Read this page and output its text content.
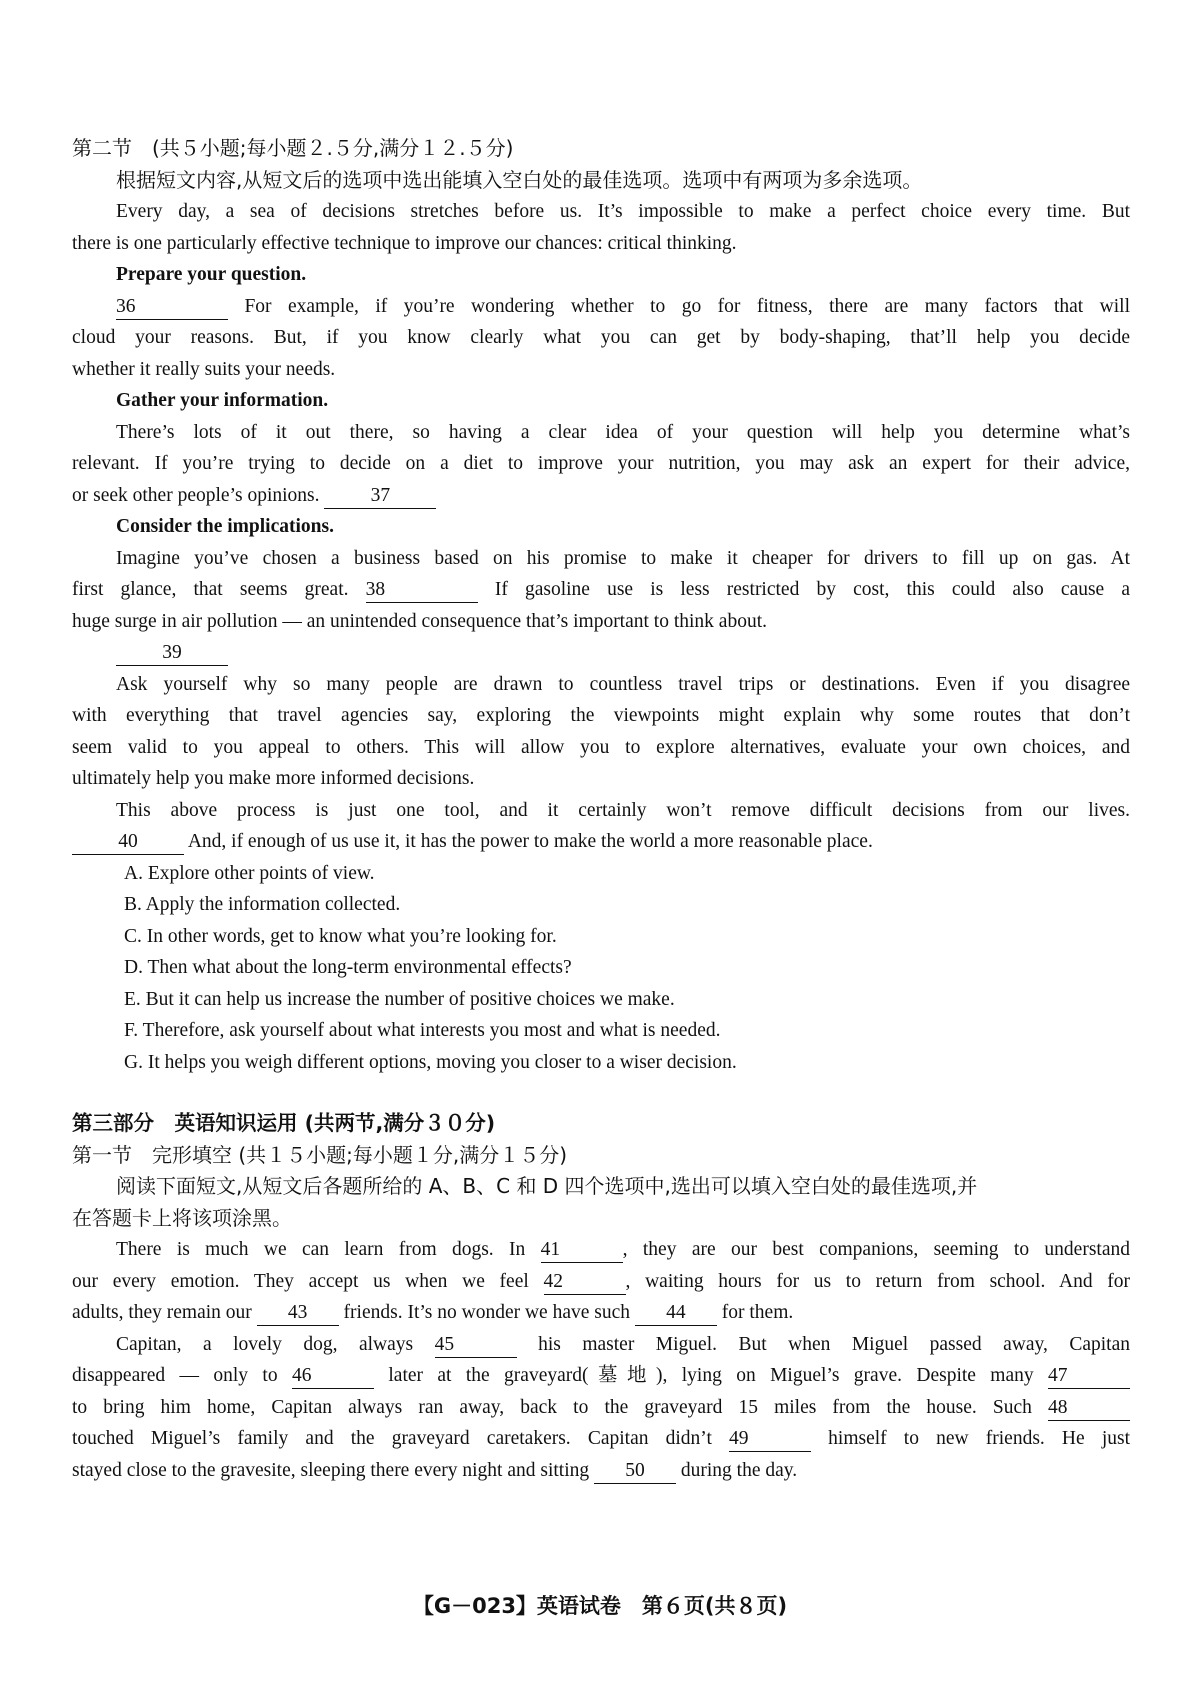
第二节　(共５小题;每小题２.５分,满分１２.５分)

根据短文内容,从短文后的选项中选出能填入空白处的最佳选项。选项中有两项为多余选项。

Every day, a sea of decisions stretches before us. It’s impossible to make a perfect choice every time. But

there is one particularly effective technique to improve our chances: critical thinking.

Prepare your question.

36	For example, if you’re wondering whether to go for fitness, there are many factors that will

cloud your reasons. But, if you know clearly what you can get by body-shaping, that’ll help you decide

whether it really suits your needs.

Gather your information.

There’s lots of it out there, so having a clear idea of your question will help you determine what’s

relevant. If you’re trying to decide on a diet to improve your nutrition, you may ask an expert for their advice,

or seek other people’s opinions.	37

Consider the implications.

Imagine you’ve chosen a business based on his promise to make it cheaper for drivers to fill up on gas. At

first glance, that seems great. 38	If gasoline use is less restricted by cost, this could also cause a

huge surge in air pollution — an unintended consequence that’s important to think about.

39

Ask yourself why so many people are drawn to countless travel trips or destinations. Even if you disagree

with everything that travel agencies say, exploring the viewpoints might explain why some routes that don’t

seem valid to you appeal to others. This will allow you to explore alternatives, evaluate your own choices, and

ultimately help you make more informed decisions.

This above process is just one tool, and it certainly won’t remove difficult decisions from our lives.

40	And, if enough of us use it, it has the power to make the world a more reasonable place.

A. Explore other points of view.

B. Apply the information collected.

C. In other words, get to know what you’re looking for.

D. Then what about the long-term environmental effects?

E. But it can help us increase the number of positive choices we make.

F. Therefore, ask yourself about what interests you most and what is needed.

G. It helps you weigh different options, moving you closer to a wiser decision.

第三部分　英语知识运用 (共两节,满分３０分)

第一节　完形填空 (共１５小题;每小题１分,满分１５分)

阅读下面短文,从短文后各题所给的 A、B、C 和 D 四个选项中,选出可以填入空白处的最佳选项,并

在答题卡上将该项涂黑。

There is much we can learn from dogs. In 41	, they are our best companions, seeming to understand

our every emotion. They accept us when we feel 42	, waiting hours for us to return from school. And for

adults, they remain our 43 friends. It’s no wonder we have such 44 for them.

Capitan, a lovely dog, always 45	his master Miguel. But when Miguel passed away, Capitan

disappeared — only to 46	later at the graveyard(墓地), lying on Miguel’s grave. Despite many 47

to bring him home, Capitan always ran away, back to the graveyard 15 miles from the house. Such 48

touched Miguel’s family and the graveyard caretakers. Capitan didn’t 49	himself to new friends. He just

stayed close to the gravesite, sleeping there every night and sitting 50 during the day.

【G－023】英语试卷　第６页(共８页)
